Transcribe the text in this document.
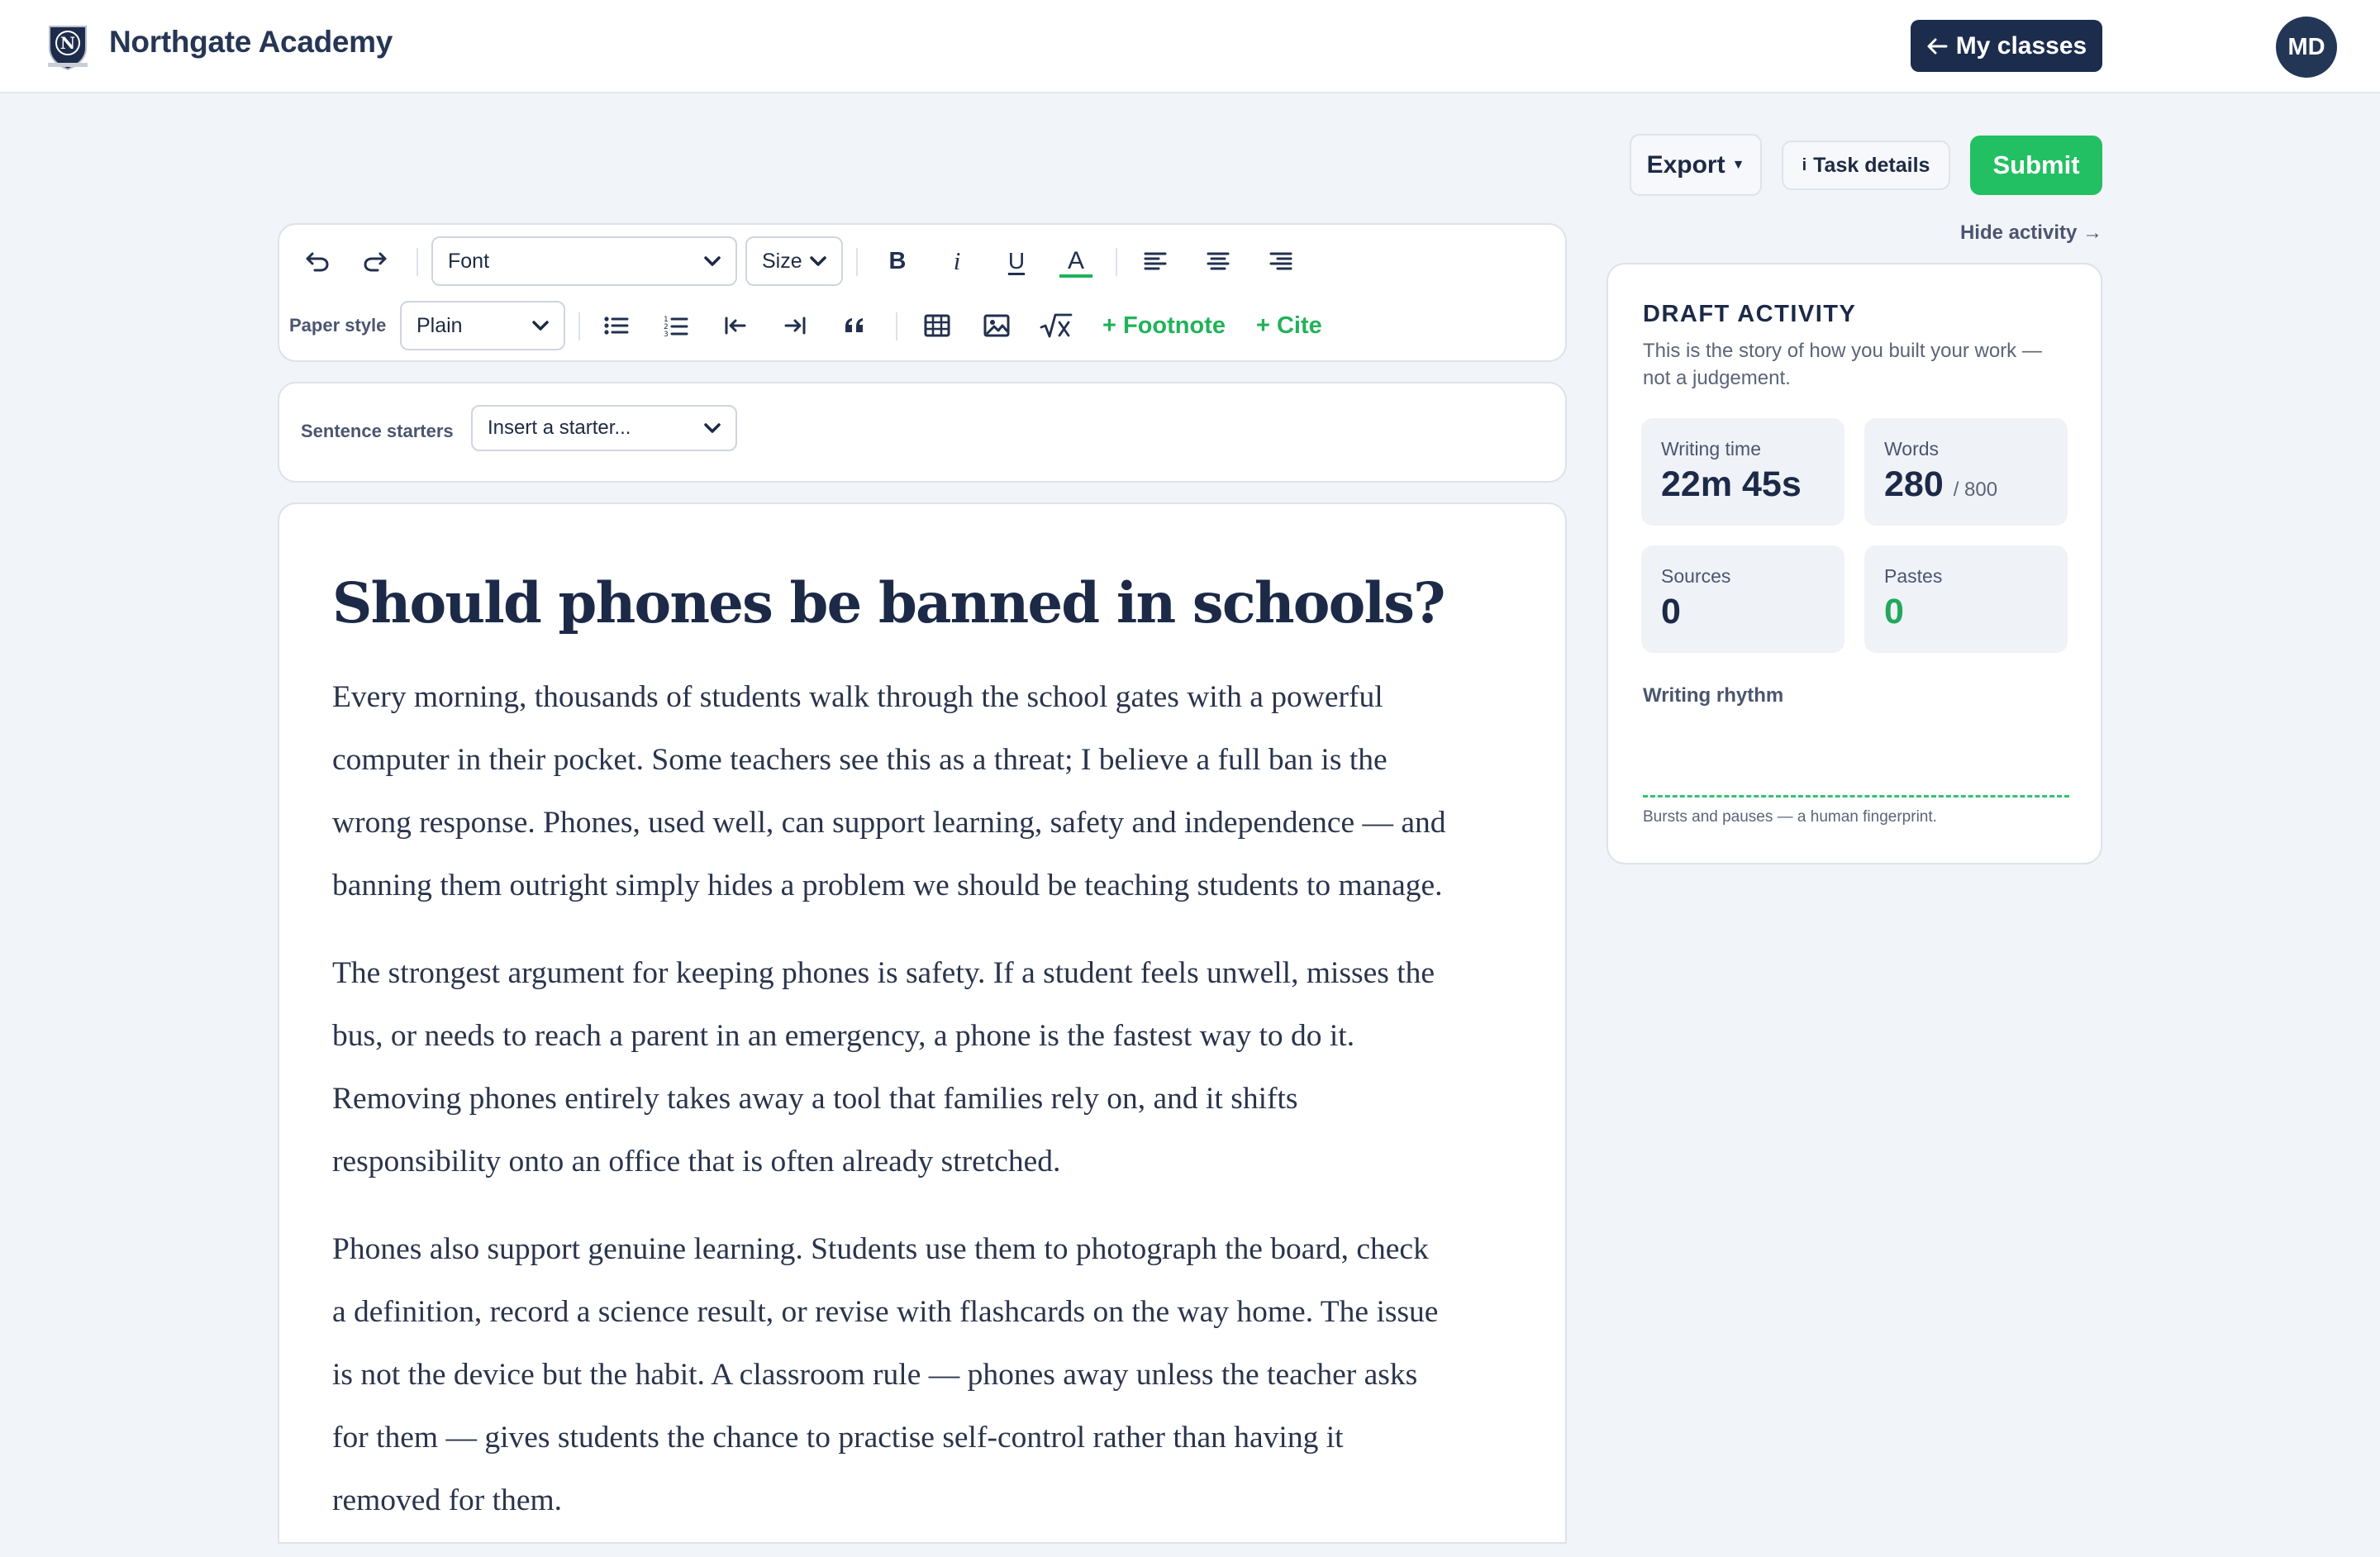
N Northgate Academy	My classes	MD
Export ▼	i Task details	Submit
Hide activity →
Font	Size	B	i	U	A
Paper style Plain	1
2
3	+ Footnote + Cite
Sentence starters Insert a starter...
Should phones be banned in schools?

Every morning, thousands of students walk through the school gates with a powerful
computer in their pocket. Some teachers see this as a threat; I believe a full ban is the
wrong response. Phones, used well, can support learning, safety and independence — and
banning them outright simply hides a problem we should be teaching students to manage.

The strongest argument for keeping phones is safety. If a student feels unwell, misses the
bus, or needs to reach a parent in an emergency, a phone is the fastest way to do it.
Removing phones entirely takes away a tool that families rely on, and it shifts
responsibility onto an office that is often already stretched.

Phones also support genuine learning. Students use them to photograph the board, check
a definition, record a science result, or revise with flashcards on the way home. The issue
is not the device but the habit. A classroom rule — phones away unless the teacher asks
for them — gives students the chance to practise self-control rather than having it
removed for them.

DRAFT ACTIVITY
This is the story of how you built your work — not a judgement.
Writing time
22m 45s
Words
280 / 800
Sources
0
Pastes
0
Writing rhythm
Bursts and pauses — a human fingerprint.
